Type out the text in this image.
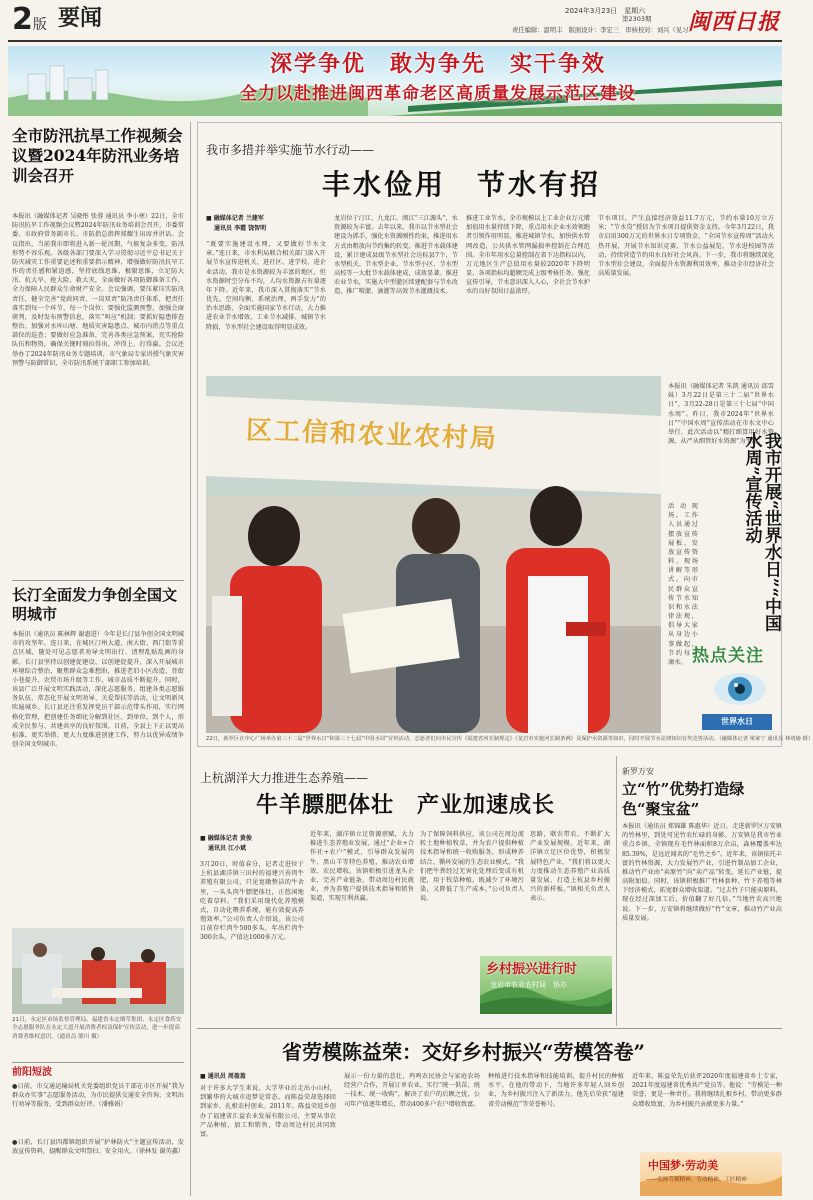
2版 要闻	2024年3月23日　 星期六
第2303期
责任编辑：温明丰　 版面设计：李宏三　 审核校对：刘兴（见习）
闽西日报
深学争优　敢为争先　实干争效
全力以赴推进闽西革命老区高质量发展示范区建设
全市防汛抗旱工作视频会议暨2024年防汛业务培训会召开
本报讯（融媒体记者 吴晓彤 张蓉 通讯员 李小寒）22日，全市防汛抗旱工作视频会议暨2024年防汛业务培训会召开，市委常委、市政府常务副市长、市防指总指挥郑耀生出席并讲话。会议指出，当前我市即将进入新一轮汛期，气候复杂多变，防汛形势不容乐观。各级各部门要深入学习贯彻习近平总书记关于防灾减灾工作重要论述和重要指示精神，增强做好防汛抗旱工作的责任感和紧迫感，坚持底线思维、极限思维，立足防大汛、抗大旱、抢大险、救大灾，全面做好各项防御准备工作，全力保障人民群众生命财产安全。会议强调，要压紧压实防汛责任，健全完善“党政同责、一岗双责”防汛责任体系，把责任落实到每一个环节、每一个岗位；要强化监测预警，加强会商研判，及时发布预警信息，落实“叫应”机制；要抓好隐患排查整治，加强对水库山塘、地质灾害隐患点、城市内涝点等重点部位的巡查；要做好应急准备，完善各类应急预案，充实抢险队伍和物资，确保关键时刻拉得出、冲得上、打得赢。会议还举办了2024年防汛业务专题培训，市气象局专家讲授气象灾害预警与防御常识，全市防汛系统干部职工参加培训。
长汀全面发力争创全国文明城市
本报讯（通讯员 陈林辉 谢惠进）今年是长汀县争创全国文明城市的攻坚年，连日来，在城区汀州大道、南大街、西门街等重点区域，随处可见志愿者劝导文明出行、清理乱贴乱画的身影。长汀县坚持以创建促建设、以创建促提升，深入开展城市环境综合整治，聚焦群众急难愁盼，推进老旧小区改造、背街小巷提升、农贸市场升级等工作，城市品质不断提升。同时，该县广泛开展文明实践活动，深化志愿服务，组建各类志愿服务队伍，常态化开展文明劝导、关爱帮扶等活动，让文明新风吹遍城乡。长汀县还注重发挥党员干部示范带头作用，实行网格化管理，把创建任务细化分解到社区、到单位、到个人，形成全民参与、共建共享的良好氛围。目前，全县上下正以更高标准、更实举措、更大力度推进创建工作，努力以优异成绩争创全国文明城市。
21日，永定区市场监督管理局、福建省永定烟草集团、永定区食药安全志愿服务队在永定大道开展消费者权益保护宣传活动，进一步提高消费者维权意识。（通讯员 熊川 摄）
前阳短波
●日前，市交通运输局机关党委组织党员干部在市区开展“我为群众办实事”志愿服务活动，为市民提供交通安全咨询、文明出行劝导等服务，受到群众好评。（潘雅娟）
●日前，长汀县四都镇组织开展“护林防火”主题宣传活动，发放宣传资料，提醒群众文明祭扫、安全用火。（徐林发 谢英鑫）
我市多措并举实施节水行动——
丰水俭用　节水有招
■ 融媒体记者 兰建军
通讯员 李霞 饶智明
“既要实施建设水网，又要做好节水文章。”连日来，市水利局联合相关部门深入开展节水宣传进机关、进社区、进学校、进企业活动。我市是水资源较为丰富的地区，但水资源时空分布不均，人均水资源占有量逐年下降。近年来，我市深入贯彻落实“节水优先、空间均衡、系统治理、两手发力”的治水思路，全面实施国家节水行动，大力推进农业节水增效、工业节水减排、城镇节水降损，节水型社会建设取得明显成效。
龙岩位于汀江、九龙江、闽江“三江源头”，水资源较为丰富。去年以来，我市以节水型社会建设为抓手，强化水资源刚性约束，推进用水方式由粗放向节约集约转变。推进节水载体建设，累计建成县级节水型社会达标县7个，节水型机关、节水型企业、节水型小区、节水型高校等一大批节水载体建成，成效显著。推进农业节水，实施大中型灌区续建配套与节水改造，推广喷灌、滴灌等高效节水灌溉技术。
推进工业节水，全市规模以上工业企业万元增加值用水量持续下降，重点用水企业水效领跑者引领作用明显。推进城镇节水，加快供水管网改造，公共供水管网漏损率控制在合理范围。全市年用水总量控制在省下达指标以内，万元地区生产总值用水量较2020年下降明显，各项指标均超额完成上级考核任务。强化宣传引导，节水意识深入人心，全社会节水护水的良好氛围日益浓厚。
节水项目，产生直接经济效益11.7万元，节约水量10万立方米；“节水贷”授信为节水项目提供资金支持。今年3月22日，我市启用300万元的世界水日专项资金，“全国节水宣传周”活动火热开展，开展节水知识竞赛、节水公益展览、节水进校园等活动，持续营造节约用水良好社会风尚。下一步，我市将继续深化节水型社会建设，全面提升水资源利用效率，推动全市经济社会高质量发展。
区工信和农业农村局
22日，新罗区在中心广场举办第三十二届“世界水日”和第三十七届“中国水周”宣传活动，志愿者们向市民宣传《福建省河长制规定》《龙岩市实施河长制条例》及保护水资源等知识，同时开展节水法律知识有奖竞答活动。（融媒体记者 梁家宁 通讯员 林靖瑜 摄）
本报讯（融媒体记者 朱凯 通讯员 邱雪妹）3月22日是第三十二届“世界水日”，3月22-28日是第三十七届“中国水周”。昨日，我市2024年“世界水日”“中国水周”宣传活动在市水文中心举行，此次活动以“精打细算用好水资源，从严从细管好水资源”为主题。
我市开展“世界水日”“中国水周”宣传活动
活动现场，工作人员通过摆放宣传展板、发放宣传资料、现场讲解等形式，向市民群众宣传节水知识和水法律法规，倡导大家从身边小事做起，节约每一滴水。 热点关注
世界水日
上杭湖洋大力推进生态养殖——
牛羊膘肥体壮　产业加速成长
■ 融媒体记者 黄俊
通讯员 江小斌
3月20日，时值春分，记者走进位于上杭县湖洋镇三田村的福建兴善肉牛养殖有限公司，只见宽敞整洁的牛舍里，一头头肉牛膘肥体壮，正悠闲地吃着草料。“我们采用现代化养殖模式，自动化喂养系统，能有效提高养殖效率。”公司负责人介绍说。该公司目前存栏肉牛500多头，年出栏肉牛300余头，产值达1000多万元。
近年来，湖洋镇立足资源禀赋，大力推进生态养殖业发展，通过“企业+合作社+农户”模式，引导群众发展肉牛、黑山羊等特色养殖，推动农业增效、农民增收。该镇积极引进龙头企业，完善产业链条，带动周边村民就业，并为养殖户提供技术指导和销售渠道，实现互利共赢。
为了保障饲料供应，该公司在周边流转土地种植牧草，并为农户提供种植技术指导和统一收购服务，形成种养结合、循环发展的生态农业模式。“我们把牛粪经过无害化处理后变成有机肥，用于牧草种植，既减少了环境污染，又降低了生产成本。”公司负责人说。
思路，联农带农，不断扩大产业发展规模。近年来，湖洋镇立足区位优势，积极发展特色产业，“我们将以更大力度推动生态养殖产业高质量发展，打造上杭县乡村振兴的新样板。”镇相关负责人表示。
乡村振兴进行时
龙岩市农业农村局　协办
新罗万安
立“竹”优势打造绿色“聚宝盆”
本报讯（通讯员 郑锦雄 陈惠华）近日，走进新罗区万安镇的竹林里，到处可见竹农忙碌的身影。万安镇是我市竹业重点乡镇，全镇现有毛竹林面积8万余亩，森林覆盖率达85.39%，是远近闻名的“毛竹之乡”。近年来，该镇依托丰富的竹林资源，大力发展竹产业，引进竹制品加工企业，推动竹产业由“卖原竹”向“卖产品”转变，延长产业链，提高附加值。同时，该镇积极推广竹林套种、竹下养殖等林下经济模式，拓宽群众增收渠道。“过去竹子只能卖原料，现在经过深加工后，价值翻了好几倍。”当地竹农高兴地说。下一步，万安镇将继续做好“竹”文章，推动竹产业高质量发展。
省劳模陈益荣：交好乡村振兴“劳模答卷”
■ 通讯员 周盈盈
对于许多大学生来说，大学毕业后走出小山村，到繁华的大城市追梦是常态。而陈益荣却选择回到家乡，扎根农村创业。2011年，陈益荣返乡创办了福建省汇益农业发展有限公司，主要从事农产品种植、加工和销售，带动周边村民共同致富。
展示一份力量的悲壮，鸡鸣农民协会与家庭农场经营户合作，开展订单农业，实行“统一供苗、统一技术、统一收购”，解决了农户的后顾之忧，公司年产值逐年增长，带动400多户农户增收致富。
种植进行技术指导和技能培训，提升村民的种植水平。在他的带动下，当地许多年轻人回乡创业，为乡村振兴注入了新活力。他先后荣获“福建省劳动模范”等荣誉称号。
近年来，陈益荣先后获评2020年度福建省乡土专家，2021年度福建省优秀共产党员等。他说：“劳模是一种荣誉，更是一种责任。我将继续扎根乡村，带动更多群众增收致富，为乡村振兴贡献更多力量。”
中国梦·劳动美
——弘扬劳模精神、劳动精神、工匠精神
